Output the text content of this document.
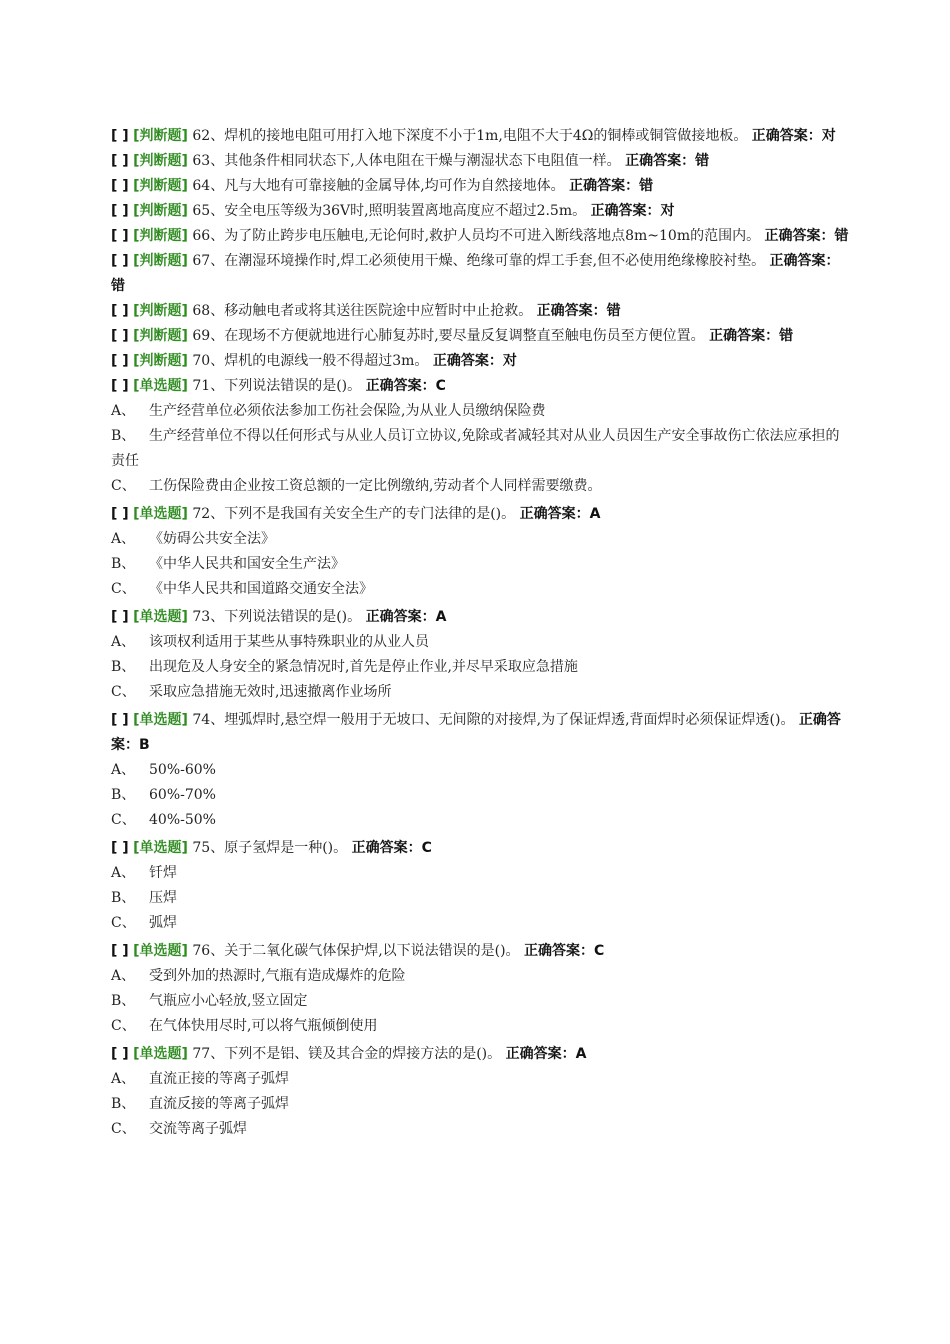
[ ] [判断题] 62、焊机的接地电阻可用打入地下深度不小于1m,电阻不大于4Ω的铜棒或铜管做接地板。 正确答案：对

[ ] [判断题] 63、其他条件相同状态下,人体电阻在干燥与潮湿状态下电阻值一样。 正确答案：错

[ ] [判断题] 64、凡与大地有可靠接触的金属导体,均可作为自然接地体。 正确答案：错

[ ] [判断题] 65、安全电压等级为36V时,照明装置离地高度应不超过2.5m。 正确答案：对

[ ] [判断题] 66、为了防止跨步电压触电,无论何时,救护人员均不可进入断线落地点8m~10m的范围内。 正确答案：错

[ ] [判断题] 67、在潮湿环境操作时,焊工必须使用干燥、绝缘可靠的焊工手套,但不必使用绝缘橡胶衬垫。 正确答案：错

[ ] [判断题] 68、移动触电者或将其送往医院途中应暂时中止抢救。 正确答案：错

[ ] [判断题] 69、在现场不方便就地进行心肺复苏时,要尽量反复调整直至触电伤员至方便位置。 正确答案：错

[ ] [判断题] 70、焊机的电源线一般不得超过3m。 正确答案：对

[ ] [单选题] 71、下列说法错误的是()。 正确答案：C

A、 生产经营单位必须依法参加工伤社会保险,为从业人员缴纳保险费
B、 生产经营单位不得以任何形式与从业人员订立协议,免除或者减轻其对从业人员因生产安全事故伤亡依法应承担的责任
C、 工伤保险费由企业按工资总额的一定比例缴纳,劳动者个人同样需要缴费。

[ ] [单选题] 72、下列不是我国有关安全生产的专门法律的是()。 正确答案：A

A、 《妨碍公共安全法》
B、 《中华人民共和国安全生产法》
C、 《中华人民共和国道路交通安全法》

[ ] [单选题] 73、下列说法错误的是()。 正确答案：A

A、 该项权利适用于某些从事特殊职业的从业人员
B、 出现危及人身安全的紧急情况时,首先是停止作业,并尽早采取应急措施
C、 采取应急措施无效时,迅速撤离作业场所

[ ] [单选题] 74、埋弧焊时,悬空焊一般用于无坡口、无间隙的对接焊,为了保证焊透,背面焊时必须保证焊透()。 正确答案：B

A、 50%-60%
B、 60%-70%
C、 40%-50%

[ ] [单选题] 75、原子氢焊是一种()。 正确答案：C

A、 钎焊
B、 压焊
C、 弧焊

[ ] [单选题] 76、关于二氧化碳气体保护焊,以下说法错误的是()。 正确答案：C

A、 受到外加的热源时,气瓶有造成爆炸的危险
B、 气瓶应小心轻放,竖立固定
C、 在气体快用尽时,可以将气瓶倾倒使用

[ ] [单选题] 77、下列不是铝、镁及其合金的焊接方法的是()。 正确答案：A

A、 直流正接的等离子弧焊
B、 直流反接的等离子弧焊
C、 交流等离子弧焊
